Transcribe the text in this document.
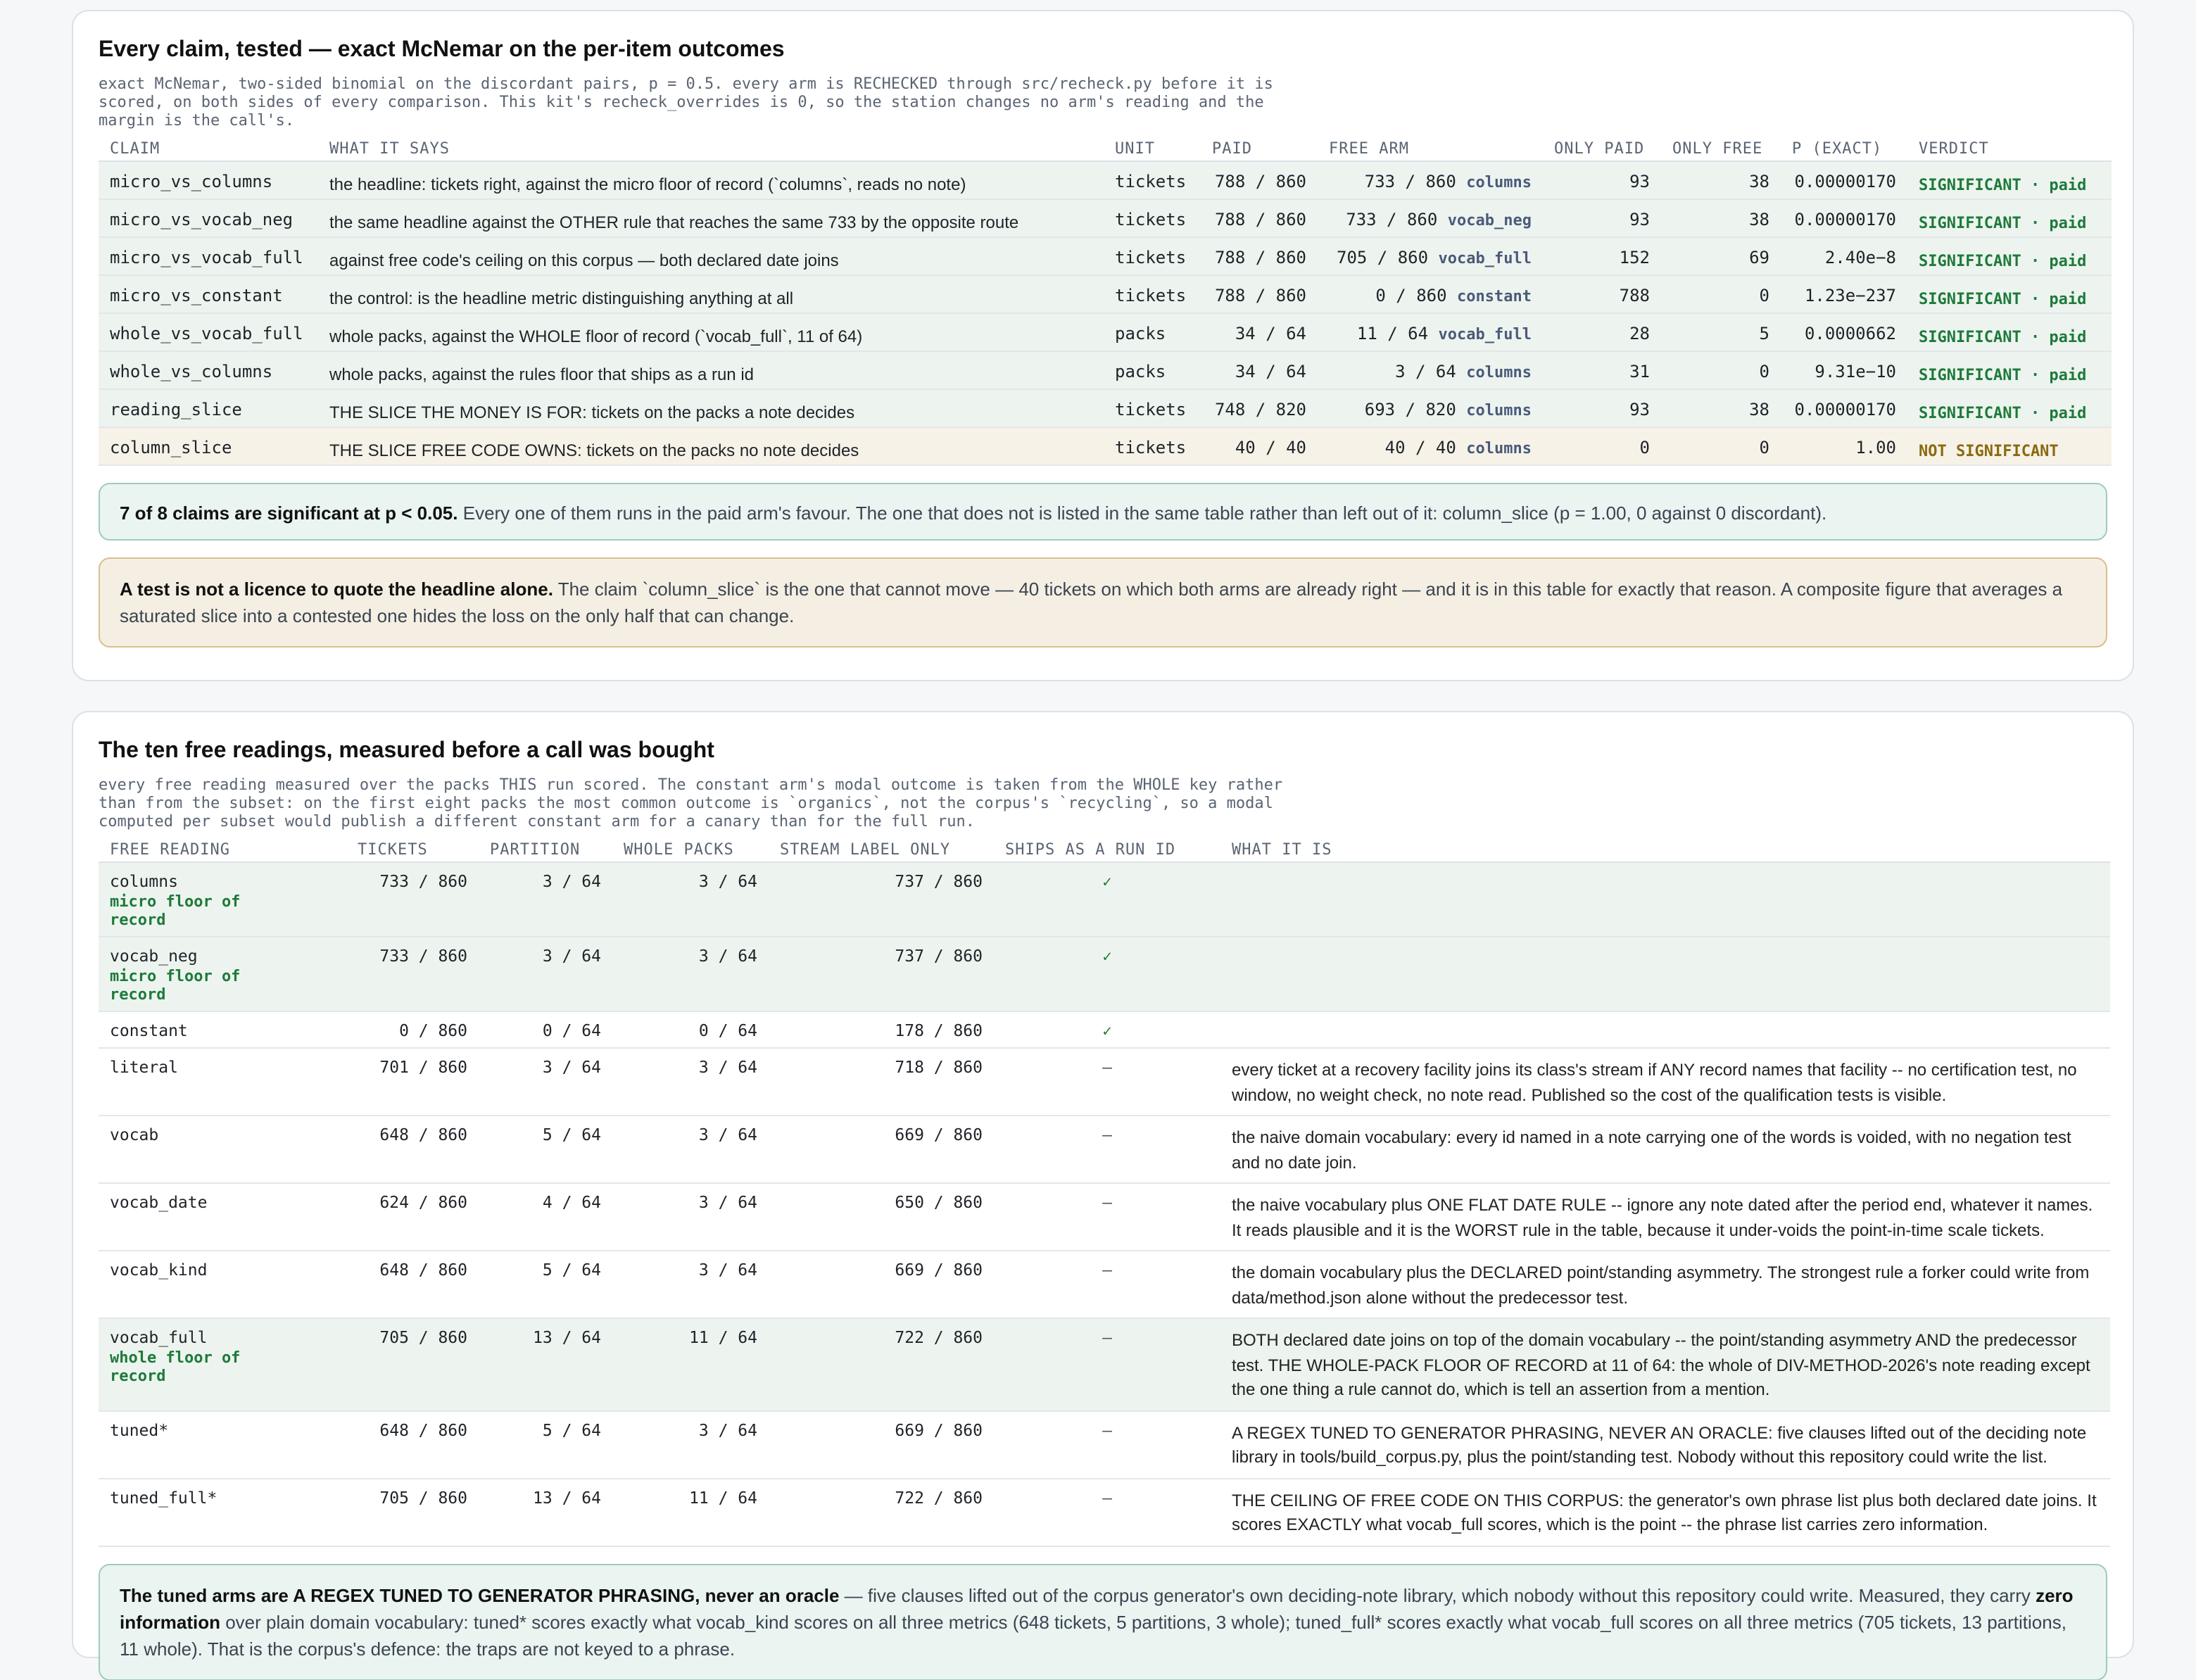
Every claim, tested — exact McNemar on the per-item outcomes
exact McNemar, two-sided binomial on the discordant pairs, p = 0.5. every arm is RECHECKED through src/recheck.py before it is scored, on both sides of every comparison. This kit's recheck_overrides is 0, so the station changes no arm's reading and the margin is the call's.
CLAIM	WHAT IT SAYS	UNIT	PAID	FREE ARM	ONLY PAID	ONLY FREE	P (EXACT)	VERDICT
micro_vs_columns	the headline: tickets right, against the micro floor of record (`columns`, reads no note)	tickets	788 / 860	733 / 860 columns	93	38	0.00000170	SIGNIFICANT · paid
micro_vs_vocab_neg	the same headline against the OTHER rule that reaches the same 733 by the opposite route	tickets	788 / 860	733 / 860 vocab_neg	93	38	0.00000170	SIGNIFICANT · paid
micro_vs_vocab_full	against free code's ceiling on this corpus — both declared date joins	tickets	788 / 860	705 / 860 vocab_full	152	69	2.40e−8	SIGNIFICANT · paid
micro_vs_constant	the control: is the headline metric distinguishing anything at all	tickets	788 / 860	0 / 860 constant	788	0	1.23e−237	SIGNIFICANT · paid
whole_vs_vocab_full	whole packs, against the WHOLE floor of record (`vocab_full`, 11 of 64)	packs	34 / 64	11 / 64 vocab_full	28	5	0.0000662	SIGNIFICANT · paid
whole_vs_columns	whole packs, against the rules floor that ships as a run id	packs	34 / 64	3 / 64 columns	31	0	9.31e−10	SIGNIFICANT · paid
reading_slice	THE SLICE THE MONEY IS FOR: tickets on the packs a note decides	tickets	748 / 820	693 / 820 columns	93	38	0.00000170	SIGNIFICANT · paid
column_slice	THE SLICE FREE CODE OWNS: tickets on the packs no note decides	tickets	40 / 40	40 / 40 columns	0	0	1.00	NOT SIGNIFICANT
7 of 8 claims are significant at p < 0.05. Every one of them runs in the paid arm's favour. The one that does not is listed in the same table rather than left out of it: column_slice (p = 1.00, 0 against 0 discordant).
A test is not a licence to quote the headline alone. The claim `column_slice` is the one that cannot move — 40 tickets on which both arms are already right — and it is in this table for exactly that reason. A composite figure that averages a saturated slice into a contested one hides the loss on the only half that can change.
The ten free readings, measured before a call was bought
every free reading measured over the packs THIS run scored. The constant arm's modal outcome is taken from the WHOLE key rather than from the subset: on the first eight packs the most common outcome is `organics`, not the corpus's `recycling`, so a modal computed per subset would publish a different constant arm for a canary than for the full run.
FREE READING	TICKETS	PARTITION	WHOLE PACKS	STREAM LABEL ONLY	SHIPS AS A RUN ID	WHAT IT IS
columns
micro floor of record	733 / 860	3 / 64	3 / 64	737 / 860	✓	
vocab_neg
micro floor of record	733 / 860	3 / 64	3 / 64	737 / 860	✓	
constant	0 / 860	0 / 64	0 / 64	178 / 860	✓	
literal	701 / 860	3 / 64	3 / 64	718 / 860	—	every ticket at a recovery facility joins its class's stream if ANY record names that facility -- no certification test, no window, no weight check, no note read. Published so the cost of the qualification tests is visible.
vocab	648 / 860	5 / 64	3 / 64	669 / 860	—	the naive domain vocabulary: every id named in a note carrying one of the words is voided, with no negation test and no date join.
vocab_date	624 / 860	4 / 64	3 / 64	650 / 860	—	the naive vocabulary plus ONE FLAT DATE RULE -- ignore any note dated after the period end, whatever it names. It reads plausible and it is the WORST rule in the table, because it under-voids the point-in-time scale tickets.
vocab_kind	648 / 860	5 / 64	3 / 64	669 / 860	—	the domain vocabulary plus the DECLARED point/standing asymmetry. The strongest rule a forker could write from data/method.json alone without the predecessor test.
vocab_full
whole floor of record	705 / 860	13 / 64	11 / 64	722 / 860	—	BOTH declared date joins on top of the domain vocabulary -- the point/standing asymmetry AND the predecessor test. THE WHOLE-PACK FLOOR OF RECORD at 11 of 64: the whole of DIV-METHOD-2026's note reading except the one thing a rule cannot do, which is tell an assertion from a mention.
tuned*	648 / 860	5 / 64	3 / 64	669 / 860	—	A REGEX TUNED TO GENERATOR PHRASING, NEVER AN ORACLE: five clauses lifted out of the deciding note library in tools/build_corpus.py, plus the point/standing test. Nobody without this repository could write the list.
tuned_full*	705 / 860	13 / 64	11 / 64	722 / 860	—	THE CEILING OF FREE CODE ON THIS CORPUS: the generator's own phrase list plus both declared date joins. It scores EXACTLY what vocab_full scores, which is the point -- the phrase list carries zero information.
The tuned arms are A REGEX TUNED TO GENERATOR PHRASING, never an oracle — five clauses lifted out of the corpus generator's own deciding-note library, which nobody without this repository could write. Measured, they carry zero information over plain domain vocabulary: tuned* scores exactly what vocab_kind scores on all three metrics (648 tickets, 5 partitions, 3 whole); tuned_full* scores exactly what vocab_full scores on all three metrics (705 tickets, 13 partitions, 11 whole). That is the corpus's defence: the traps are not keyed to a phrase.
